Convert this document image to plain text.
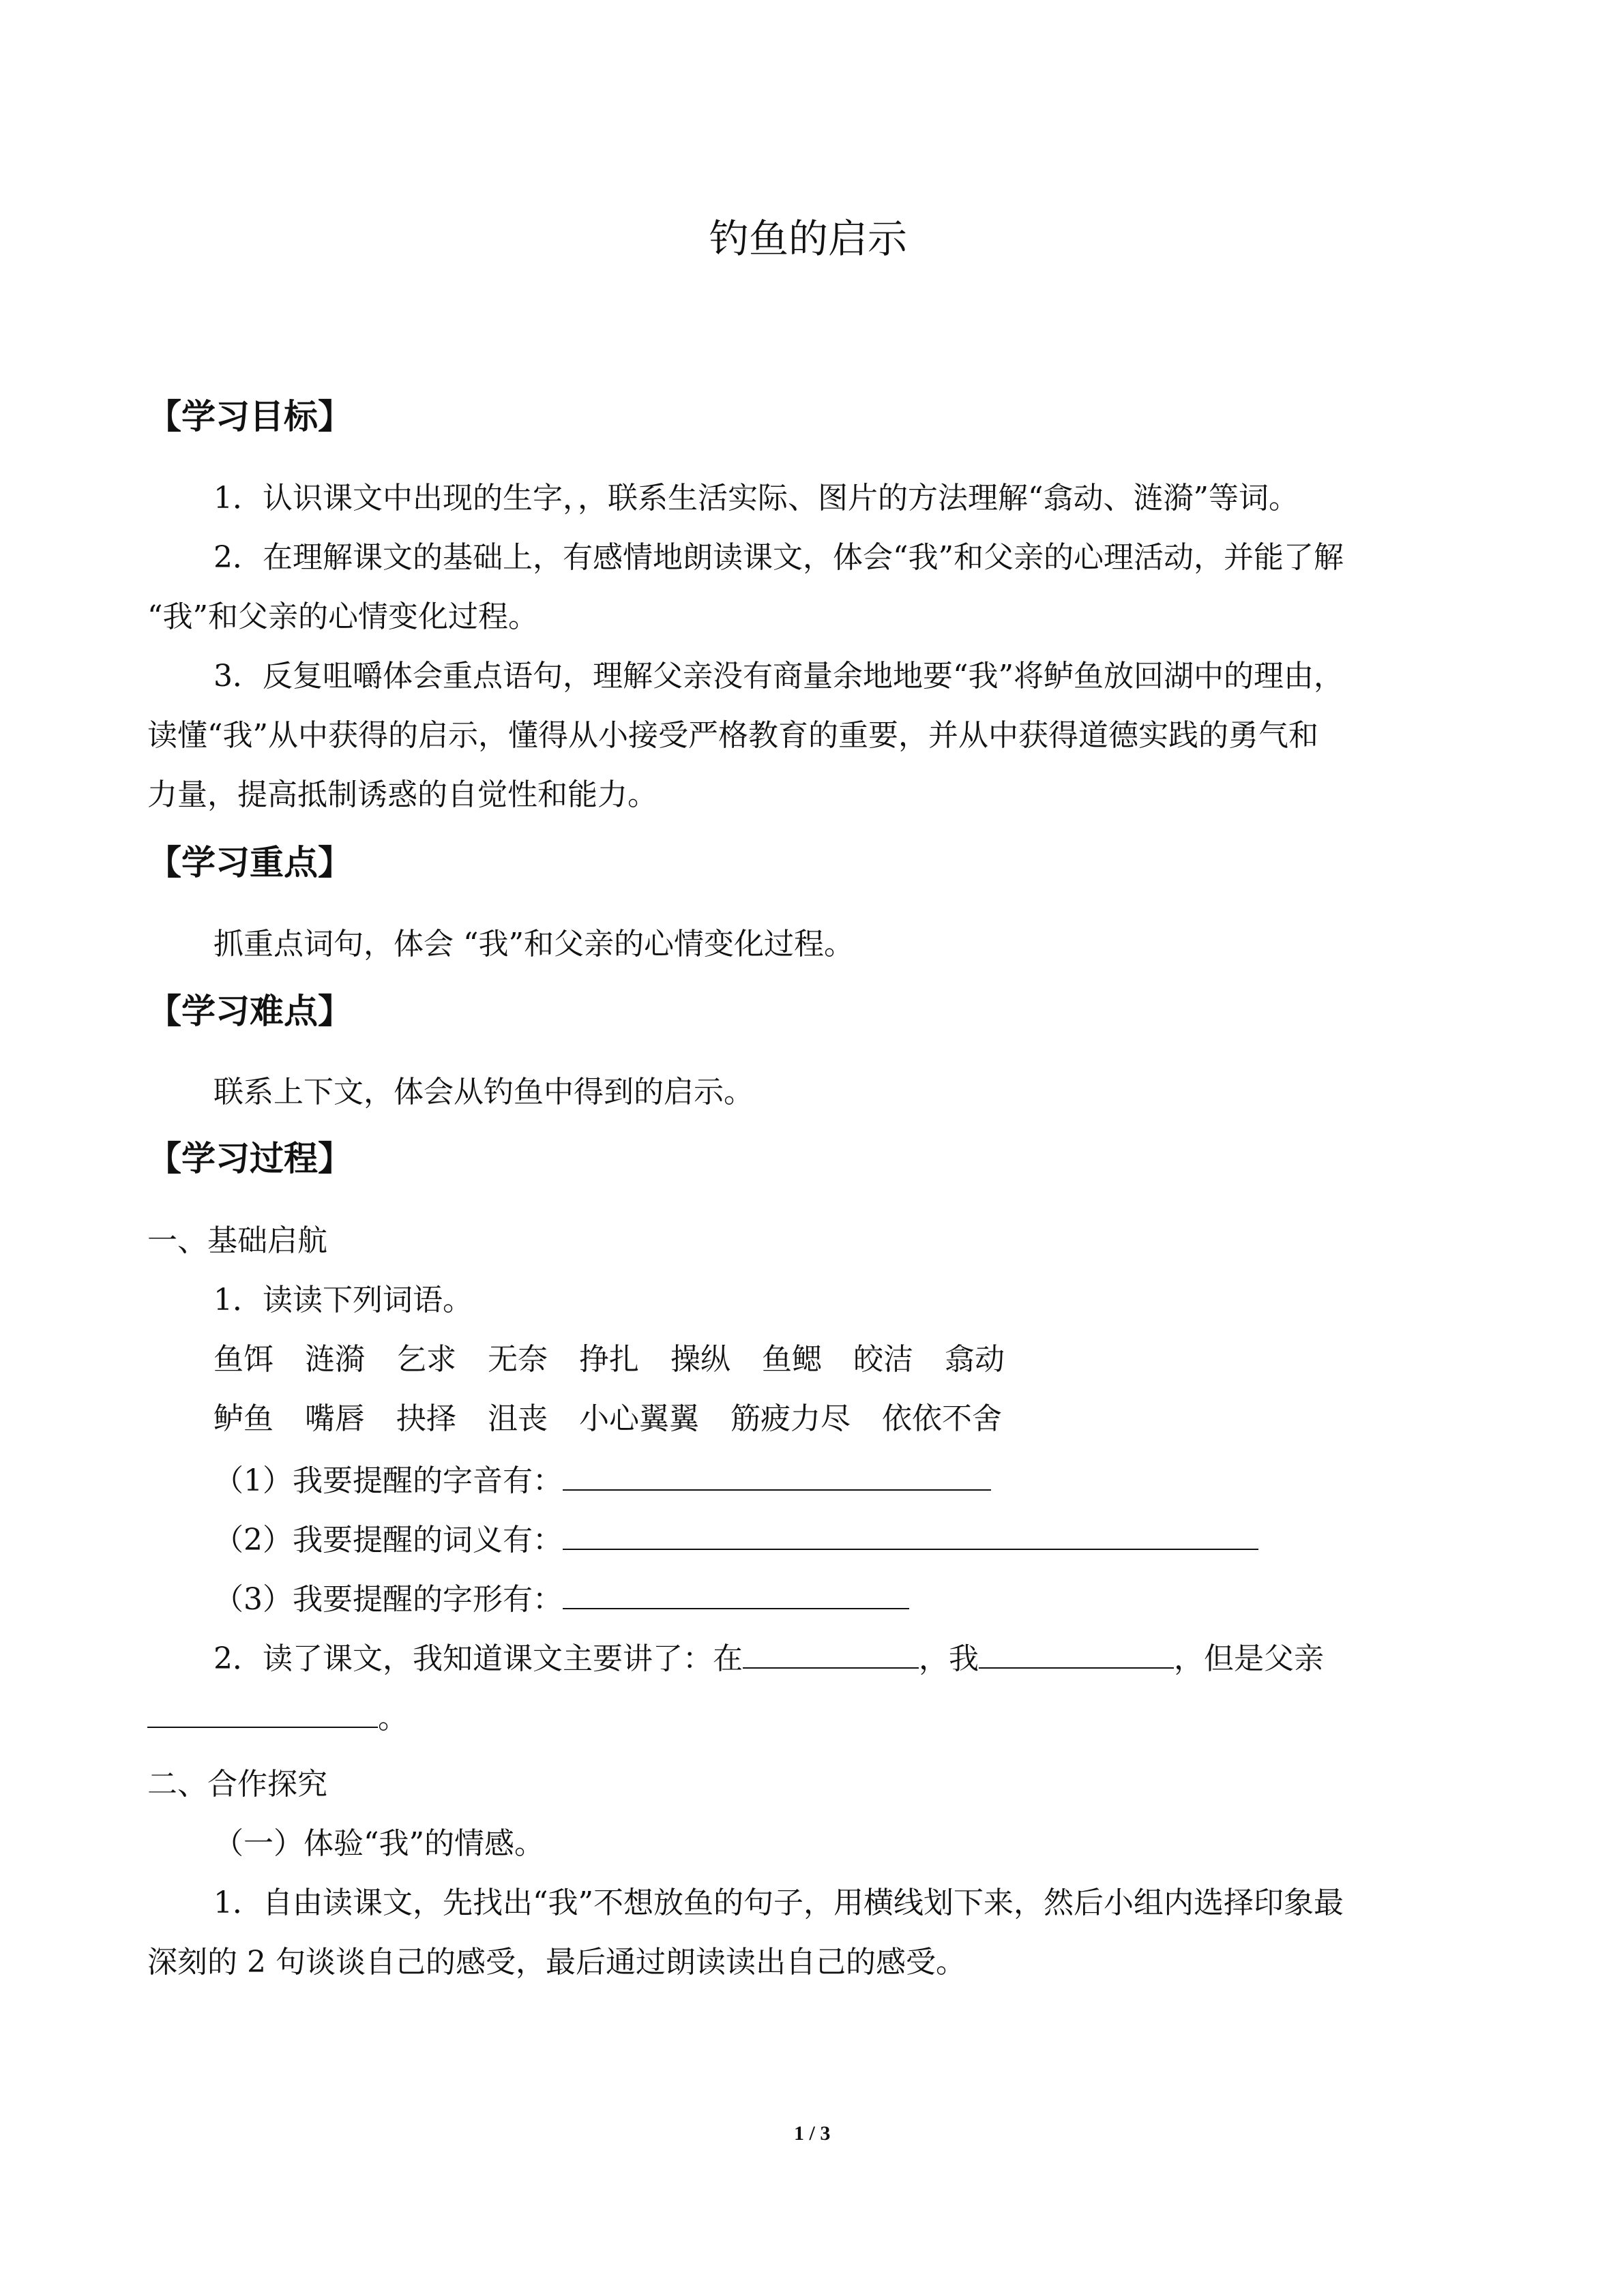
钓鱼的启示
【学习目标】
1．认识课文中出现的生字，，联系生活实际、图片的方法理解“翕动、涟漪”等词。
2．在理解课文的基础上，有感情地朗读课文，体会“我”和父亲的心理活动，并能了解
“我”和父亲的心情变化过程。
3．反复咀嚼体会重点语句，理解父亲没有商量余地地要“我”将鲈鱼放回湖中的理由，
读懂“我”从中获得的启示，懂得从小接受严格教育的重要，并从中获得道德实践的勇气和
力量，提高抵制诱惑的自觉性和能力。
【学习重点】
抓重点词句，体会 “我”和父亲的心情变化过程。
【学习难点】
联系上下文，体会从钓鱼中得到的启示。
【学习过程】
一、基础启航
1．读读下列词语。
鱼饵 涟漪 乞求 无奈 挣扎 操纵 鱼鳃 皎洁 翕动
鲈鱼 嘴唇 抉择 沮丧 小心翼翼 筋疲力尽 依依不舍
（1）我要提醒的字音有：
（2）我要提醒的词义有：
（3）我要提醒的字形有：
2．读了课文，我知道课文主要讲了：在	，我	，但是父亲
。
二、合作探究
（一）体验“我”的情感。
1．自由读课文，先找出“我”不想放鱼的句子，用横线划下来，然后小组内选择印象最
深刻的 2 句谈谈自己的感受，最后通过朗读读出自己的感受。
1 / 3
